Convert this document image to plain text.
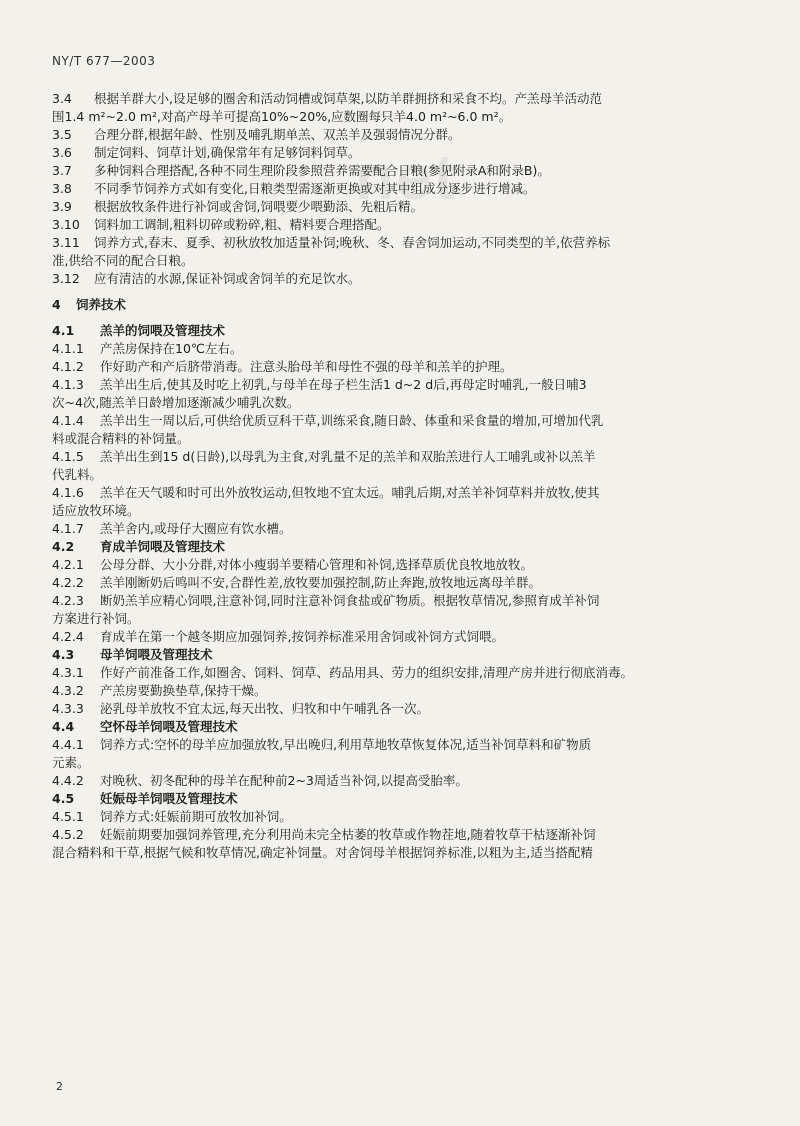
NY/T 677—2003
net
3.4	根据羊群大小,设足够的圈舍和活动饲槽或饲草架,以防羊群拥挤和采食不均。产羔母羊活动范
围1.4 m²~2.0 m²,对高产母羊可提高10%~20%,应数圈每只羊4.0 m²~6.0 m²。
3.5	合理分群,根据年龄、性别及哺乳期单羔、双羔羊及强弱情况分群。
3.6	制定饲料、饲草计划,确保常年有足够饲料饲草。
3.7	多种饲料合理搭配,各种不同生理阶段参照营养需要配合日粮(参见附录A和附录B)。
3.8	不同季节饲养方式如有变化,日粮类型需逐渐更换或对其中组成分逐步进行增减。
3.9	根据放牧条件进行补饲或舍饲,饲喂要少喂勤添、先粗后精。
3.10	饲料加工调制,粗料切碎或粉碎,粗、精料要合理搭配。
3.11	饲养方式,春末、夏季、初秋放牧加适量补饲;晚秋、冬、春舍饲加运动,不同类型的羊,依营养标
准,供给不同的配合日粮。
3.12	应有清洁的水源,保证补饲或舍饲羊的充足饮水。
4	饲养技术
4.1	羔羊的饲喂及管理技术
4.1.1	产羔房保持在10℃左右。
4.1.2	作好助产和产后脐带消毒。注意头胎母羊和母性不强的母羊和羔羊的护理。
4.1.3	羔羊出生后,使其及时吃上初乳,与母羊在母子栏生活1 d~2 d后,再母定时哺乳,一般日哺3
次~4次,随羔羊日龄增加逐渐减少哺乳次数。
4.1.4	羔羊出生一周以后,可供给优质豆科干草,训练采食,随日龄、体重和采食量的增加,可增加代乳
料或混合精料的补饲量。
4.1.5	羔羊出生到15 d(日龄),以母乳为主食,对乳量不足的羔羊和双胎羔进行人工哺乳或补以羔羊
代乳料。
4.1.6	羔羊在天气暖和时可出外放牧运动,但牧地不宜太远。哺乳后期,对羔羊补饲草料并放牧,使其
适应放牧环境。
4.1.7	羔羊舍内,或母仔大圈应有饮水槽。
4.2	育成羊饲喂及管理技术
4.2.1	公母分群、大小分群,对体小瘦弱羊要精心管理和补饲,选择草质优良牧地放牧。
4.2.2	羔羊刚断奶后鸣叫不安,合群性差,放牧要加强控制,防止奔跑,放牧地远离母羊群。
4.2.3	断奶羔羊应精心饲喂,注意补饲,同时注意补饲食盐或矿物质。根据牧草情况,参照育成羊补饲
方案进行补饲。
4.2.4	育成羊在第一个越冬期应加强饲养,按饲养标准采用舍饲或补饲方式饲喂。
4.3	母羊饲喂及管理技术
4.3.1	作好产前准备工作,如圈舍、饲料、饲草、药品用具、劳力的组织安排,清理产房并进行彻底消毒。
4.3.2	产羔房要勤换垫草,保持干燥。
4.3.3	泌乳母羊放牧不宜太远,每天出牧、归牧和中午哺乳各一次。
4.4	空怀母羊饲喂及管理技术
4.4.1	饲养方式:空怀的母羊应加强放牧,早出晚归,利用草地牧草恢复体况,适当补饲草料和矿物质
元素。
4.4.2	对晚秋、初冬配种的母羊在配种前2~3周适当补饲,以提高受胎率。
4.5	妊娠母羊饲喂及管理技术
4.5.1	饲养方式:妊娠前期可放牧加补饲。
4.5.2	妊娠前期要加强饲养管理,充分利用尚未完全枯萎的牧草或作物茬地,随着牧草干枯逐渐补饲
混合精料和干草,根据气候和牧草情况,确定补饲量。对舍饲母羊根据饲养标准,以粗为主,适当搭配精
2
